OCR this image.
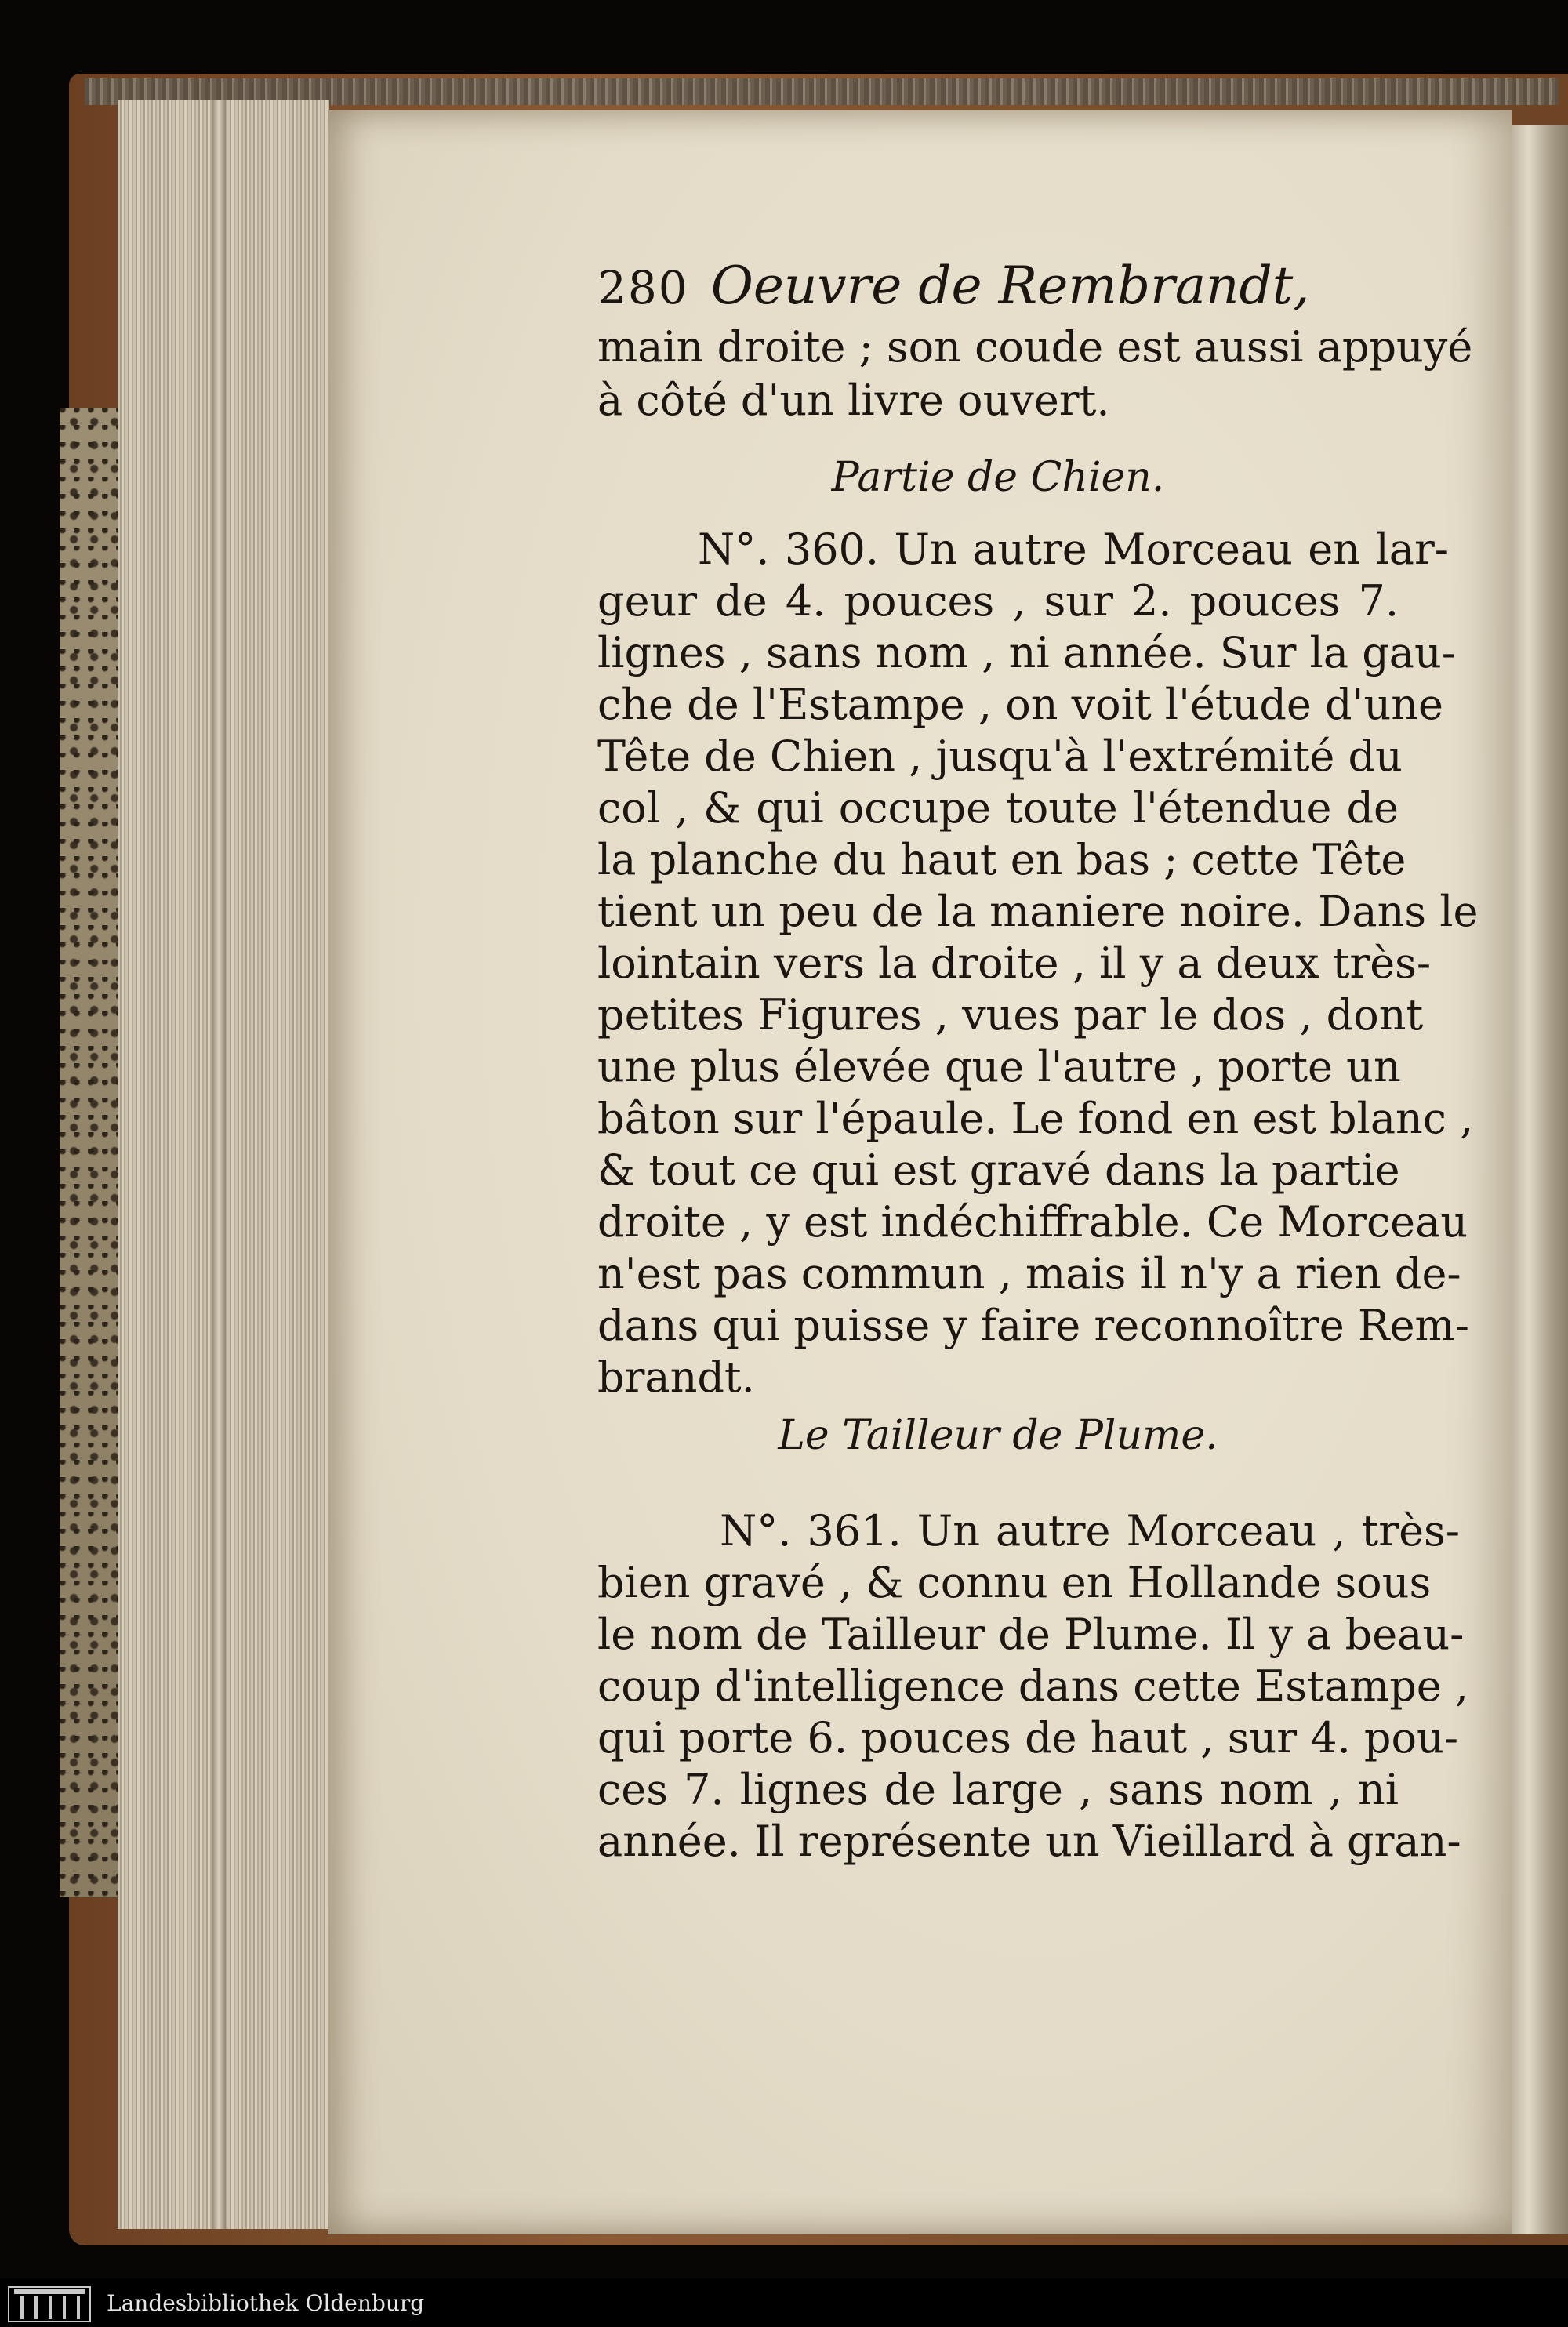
280 Oeuvre de Rembrandt,
main droite ; son coude est aussi appuyé
à côté d'un livre ouvert.
Partie de Chien.
N°. 360. Un autre Morceau en lar-
geur de 4. pouces , sur 2. pouces 7.
lignes , sans nom , ni année. Sur la gau-
che de l'Estampe , on voit l'étude d'une
Tête de Chien , jusqu'à l'extrémité du
col , & qui occupe toute l'étendue de
la planche du haut en bas ; cette Tête
tient un peu de la maniere noire. Dans le
lointain vers la droite , il y a deux très-
petites Figures , vues par le dos , dont
une plus élevée que l'autre , porte un
bâton sur l'épaule. Le fond en est blanc ,
& tout ce qui est gravé dans la partie
droite , y est indéchiffrable. Ce Morceau
n'est pas commun , mais il n'y a rien de-
dans qui puisse y faire reconnoître Rem-
brandt.
Le Tailleur de Plume.
N°. 361. Un autre Morceau , très-
bien gravé , & connu en Hollande sous
le nom de Tailleur de Plume. Il y a beau-
coup d'intelligence dans cette Estampe ,
qui porte 6. pouces de haut , sur 4. pou-
ces 7. lignes de large , sans nom , ni
année. Il représente un Vieillard à gran-
Landesbibliothek Oldenburg
